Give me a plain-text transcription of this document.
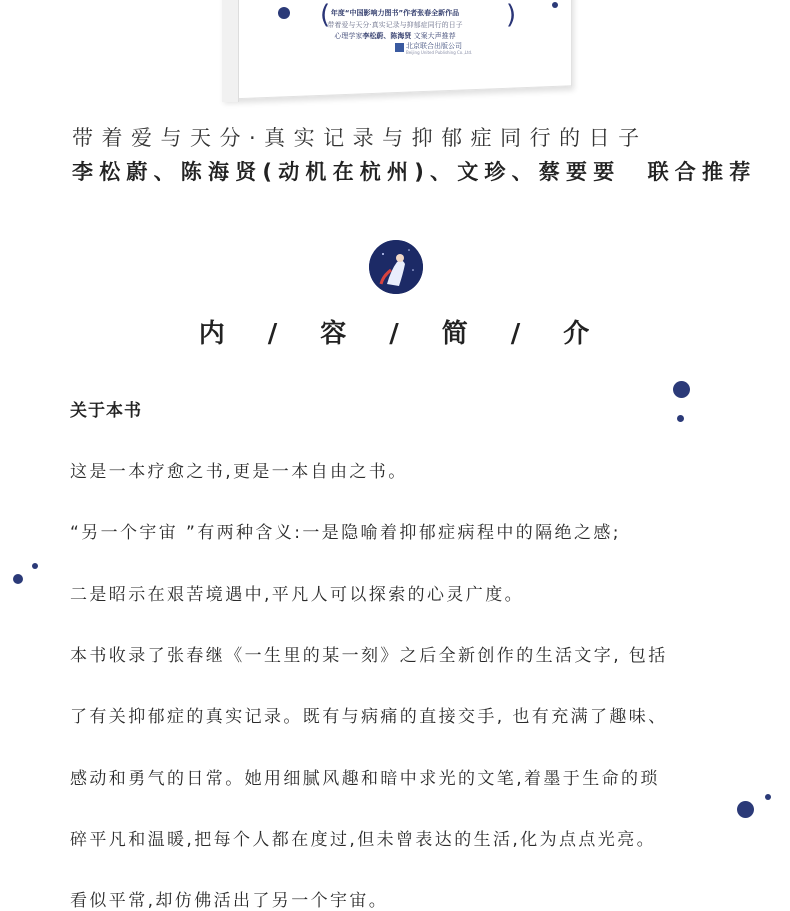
(	)
年度“中国影响力图书”作者张春全新作品
带着爱与天分·真实记录与抑郁症同行的日子
心理学家李松蔚、陈海贤 文案大声推荐
北京联合出版公司
Beijing United Publishing Co.,Ltd.
带着爱与天分·真实记录与抑郁症同行的日子
李松蔚、陈海贤(动机在杭州)、文珍、蔡要要　联合推荐
内 / 容 / 简 / 介
关于本书
这是一本疗愈之书,更是一本自由之书。
“另一个宇宙 ”有两种含义:一是隐喻着抑郁症病程中的隔绝之感;
二是昭示在艰苦境遇中,平凡人可以探索的心灵广度。
本书收录了张春继《一生里的某一刻》之后全新创作的生活文字, 包括
了有关抑郁症的真实记录。既有与病痛的直接交手, 也有充满了趣味、
感动和勇气的日常。她用细腻风趣和暗中求光的文笔,着墨于生命的琐
碎平凡和温暖,把每个人都在度过,但未曾表达的生活,化为点点光亮。
看似平常,却仿佛活出了另一个宇宙。
